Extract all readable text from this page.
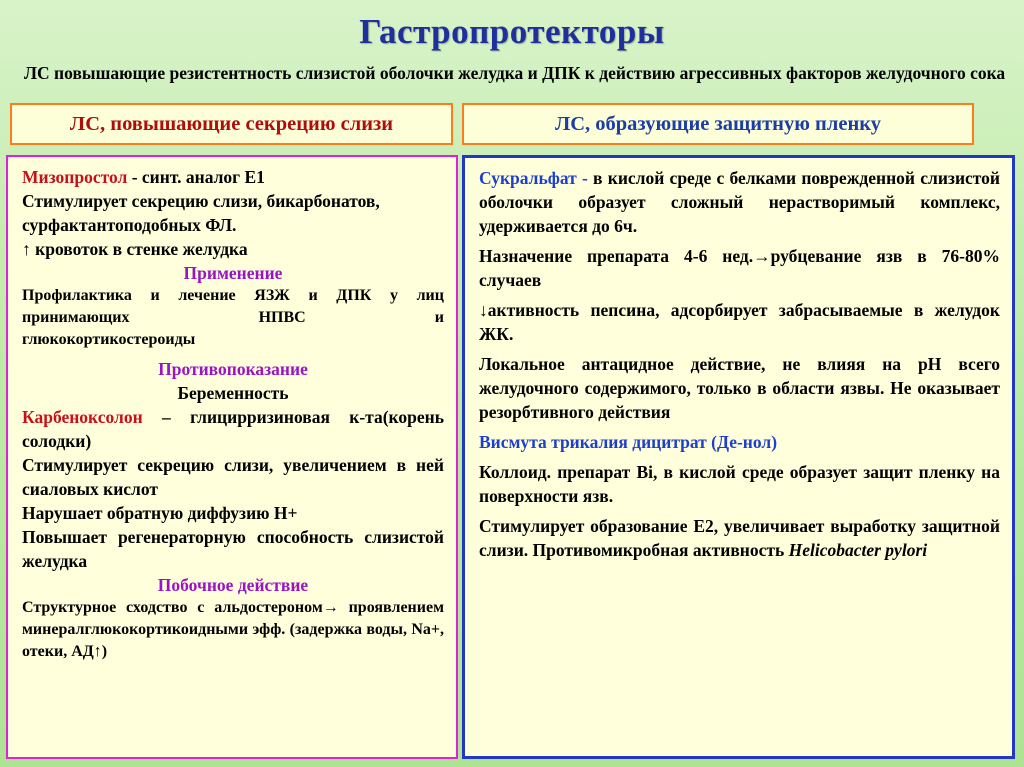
Гастропротекторы
ЛС повышающие резистентность слизистой оболочки желудка и ДПК к действию агрессивных факторов желудочного сока
ЛС, повышающие секрецию слизи	ЛС, образующие защитную пленку

Мизопростол - синт. аналог Е1

Стимулирует секрецию слизи, бикарбонатов, сурфактантоподобных ФЛ.

↑ кровоток в стенке желудка

Применение

Профилактика и лечение ЯЗЖ и ДПК у лиц принимающих НПВС и

глюкокортикостероиды

Противопоказание

Беременность

Карбеноксолон – глицирризиновая к-та(корень солодки)

Стимулирует секрецию слизи, увеличением в ней сиаловых кислот

Нарушает обратную диффузию Н+

Повышает регенераторную способность слизистой желудка

Побочное действие

Структурное сходство с альдостероном→ проявлением минералглюкокортикоидными эфф. (задержка воды, Na+, отеки, АД↑)

Сукральфат - в кислой среде с белками поврежденной слизистой оболочки образует сложный нерастворимый комплекс, удерживается до 6ч.

Назначение препарата 4-6 нед.→рубцевание язв в 76-80% случаев

↓активность пепсина, адсорбирует забрасываемые в желудок ЖК.

Локальное антацидное действие, не влияя на pH всего желудочного содержимого, только в области язвы. Не оказывает резорбтивного действия

Висмута трикалия дицитрат (Де-нол)

Коллоид. препарат Bi, в кислой среде образует защит пленку на поверхности язв.

Стимулирует образование Е2, увеличивает выработку защитной слизи. Противомикробная активность Helicobacter pylori
